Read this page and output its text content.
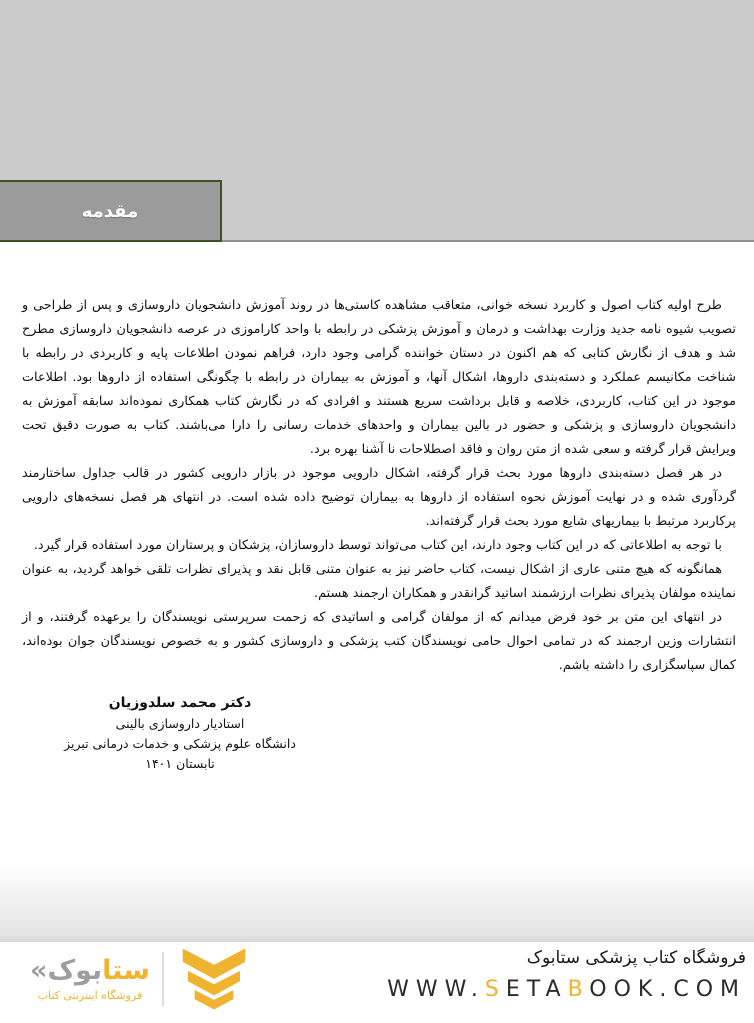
مقدمه

طرح اولیه کتاب اصول و کاربرد نسخه خوانی، متعاقب مشاهده کاستی‌ها در روند آموزش دانشجویان داروسازی و پس از طراحی و تصویب شیوه نامه جدید وزارت بهداشت و درمان و آموزش پزشکی در رابطه با واحد کاراموزی در عرصه دانشجویان داروسازی مطرح شد و هدف از نگارش کتابی که هم اکنون در دستان خواننده گرامی وجود دارد، فراهم نمودن اطلاعات پایه و کاربردی در رابطه با شناخت مکانیسم عملکرد و دسته‌بندی داروها، اشکال آنها، و آموزش به بیماران در رابطه با چگونگی استفاده از داروها بود. اطلاعات موجود در این کتاب، کاربردی، خلاصه و قابل برداشت سریع هستند و افرادی که در نگارش کتاب همکاری نموده‌اند سابقه آموزش به دانشجویان داروسازی و پزشکی و حضور در بالین بیماران و واحدهای خدمات رسانی را دارا می‌باشند. کتاب به صورت دقیق تحت ویرایش قرار گرفته و سعی شده از متن روان و فاقد اصطلاحات نا آشنا بهره برد.

در هر فصل دسته‌بندی داروها مورد بحث قرار گرفته، اشکال دارویی موجود در بازار دارویی کشور در قالب جداول ساختارمند گردآوری شده و در نهایت آموزش نحوه استفاده از داروها به بیماران توضیح داده شده است. در انتهای هر فصل نسخه‌های دارویی پرکاربرد مرتبط با بیماریهای شایع مورد بحث قرار گرفته‌اند.

با توجه به اطلاعاتی که در این کتاب وجود دارند، این کتاب می‌تواند توسط داروسازان، پزشکان و پرستاران مورد استفاده قرار گیرد.

همانگونه که هیچ متنی عاری از اشکال نیست، کتاب حاضر نیز به عنوان متنی قابل نقد و پذیرای نظرات تلقی خواهد گردید، به عنوان نماینده مولفان پذیرای نظرات ارزشمند اساتید گرانقدر و همکاران ارجمند هستم.

در انتهای این متن بر خود فرض میدانم که از مولفان گرامی و اساتیدی که زحمت سرپرستی نویسندگان را برعهده گرفتند، و از انتشارات وزین ارجمند که در تمامی احوال حامی نویسندگان کتب پزشکی و داروسازی کشور و به خصوص نویسندگان جوان بوده‌اند، کمال سپاسگزاری را داشته باشم.

دکتر محمد سلدوزیان
استادیار داروسازی بالینی
دانشگاه علوم پزشکی و خدمات درمانی تبریز
تابستان ۱۴۰۱
ستابوک«
فروشگاه اینترنتی کتاب
فروشگاه کتاب پزشکی ستابوک
WWW.SETABOOK.COM
